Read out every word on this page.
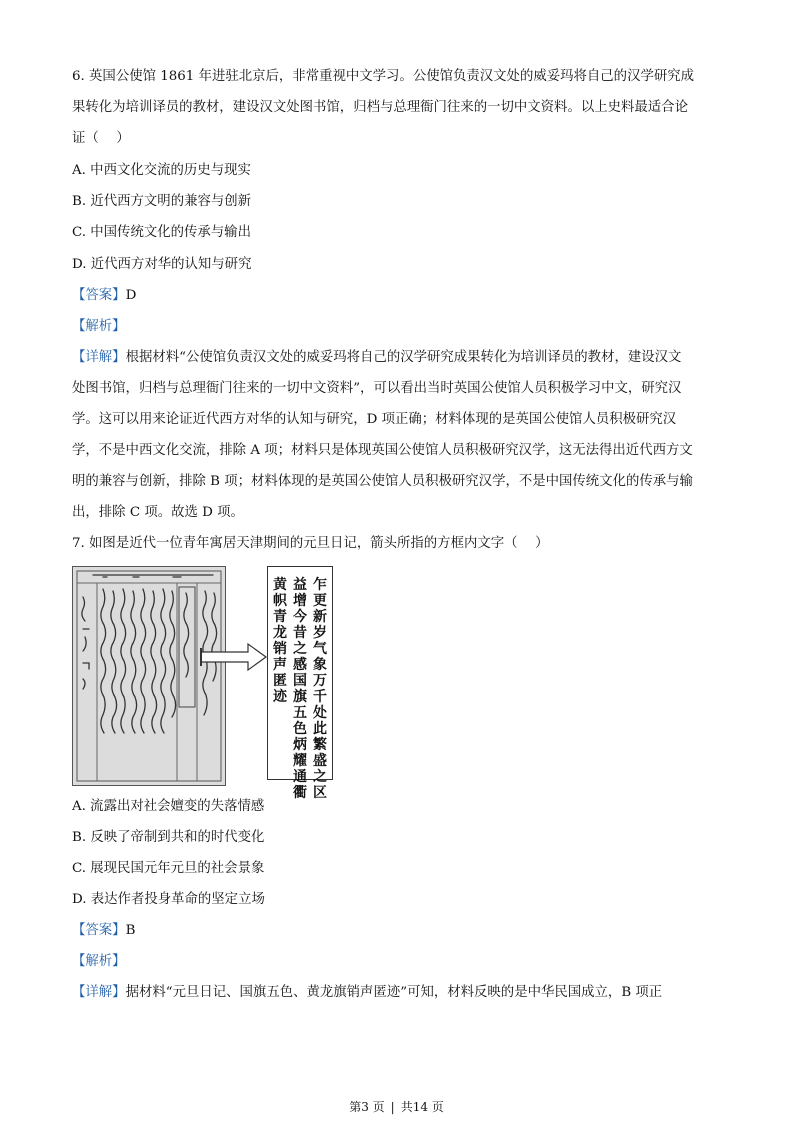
6. 英国公使馆 1861 年进驻北京后，非常重视中文学习。公使馆负责汉文处的威妥玛将自己的汉学研究成
果转化为培训译员的教材，建设汉文处图书馆，归档与总理衙门往来的一切中文资料。以上史料最适合论
证（　 ）
A. 中西文化交流的历史与现实
B. 近代西方文明的兼容与创新
C. 中国传统文化的传承与输出
D. 近代西方对华的认知与研究
【答案】D
【解析】
【详解】根据材料“公使馆负责汉文处的威妥玛将自己的汉学研究成果转化为培训译员的教材，建设汉文
处图书馆，归档与总理衙门往来的一切中文资料”，可以看出当时英国公使馆人员积极学习中文，研究汉
学。这可以用来论证近代西方对华的认知与研究，D 项正确；材料体现的是英国公使馆人员积极研究汉
学，不是中西文化交流，排除 A 项；材料只是体现英国公使馆人员积极研究汉学，这无法得出近代西方文
明的兼容与创新，排除 B 项；材料体现的是英国公使馆人员积极研究汉学，不是中国传统文化的传承与输
出，排除 C 项。故选 D 项。
7. 如图是近代一位青年寓居天津期间的元旦日记，箭头所指的方框内文字（　 ）
乍
更
新
岁
气
象
万
千
处
此
繁
盛
之
区
益
增
今
昔
之
感
国
旗
五
色
炳
耀
通
衢
黄
帜
青
龙
销
声
匿
迹
A. 流露出对社会嬗变的失落情感
B. 反映了帝制到共和的时代变化
C. 展现民国元年元旦的社会景象
D. 表达作者投身革命的坚定立场
【答案】B
【解析】
【详解】据材料“元旦日记、国旗五色、黄龙旗销声匿迹”可知，材料反映的是中华民国成立，B 项正
第3 页 | 共14 页
